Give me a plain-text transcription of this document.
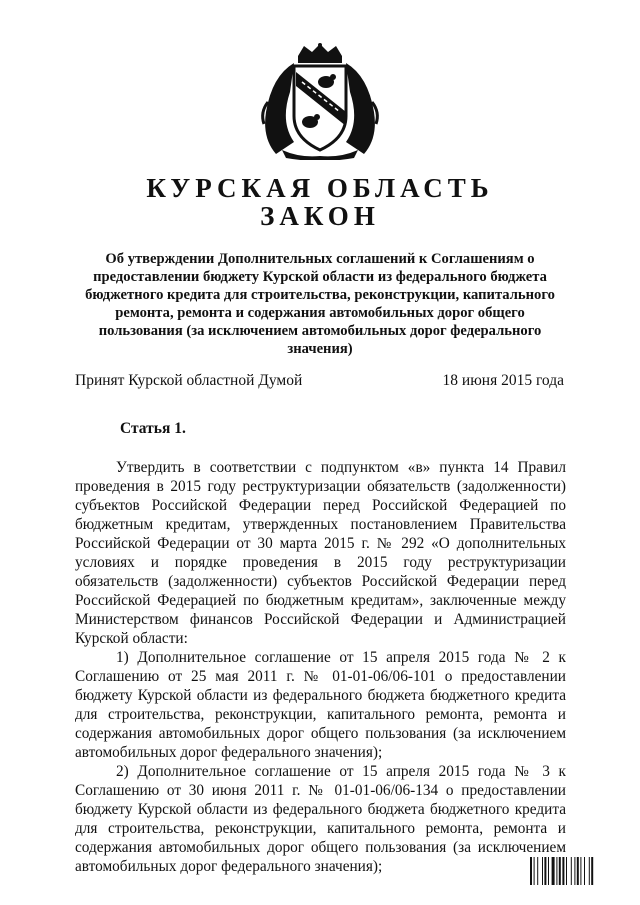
КУРСКАЯ ОБЛАСТЬ
ЗАКОН
Об утверждении Дополнительных соглашений к Соглашениям о предоставлении бюджету Курской области из федерального бюджета бюджетного кредита для строительства, реконструкции, капитального ремонта, ремонта и содержания автомобильных дорог общего пользования (за исключением автомобильных дорог федерального значения)
Принят Курской областной Думой	18 июня 2015 года
Статья 1.

Утвердить в соответствии с подпунктом «в» пункта 14 Правил проведения в 2015 году реструктуризации обязательств (задолженности) субъектов Российской Федерации перед Российской Федерацией по бюджетным кредитам, утвержденных постановлением Правительства Российской Федерации от 30 марта 2015 г. № 292 «О дополнительных условиях и порядке проведения в 2015 году реструктуризации обязательств (задолженности) субъектов Российской Федерации перед Российской Федерацией по бюджетным кредитам», заключенные между Министерством финансов Российской Федерации и Администрацией Курской области:

1) Дополнительное соглашение от 15 апреля 2015 года № 2 к Соглашению от 25 мая 2011 г. № 01-01-06/06-101 о предоставлении бюджету Курской области из федерального бюджета бюджетного кредита для строительства, реконструкции, капитального ремонта, ремонта и содержания автомобильных дорог общего пользования (за исключением автомобильных дорог федерального значения);

2) Дополнительное соглашение от 15 апреля 2015 года № 3 к Соглашению от 30 июня 2011 г. № 01-01-06/06-134 о предоставлении бюджету Курской области из федерального бюджета бюджетного кредита для строительства, реконструкции, капитального ремонта, ремонта и содержания автомобильных дорог общего пользования (за исключением автомобильных дорог федерального значения);
